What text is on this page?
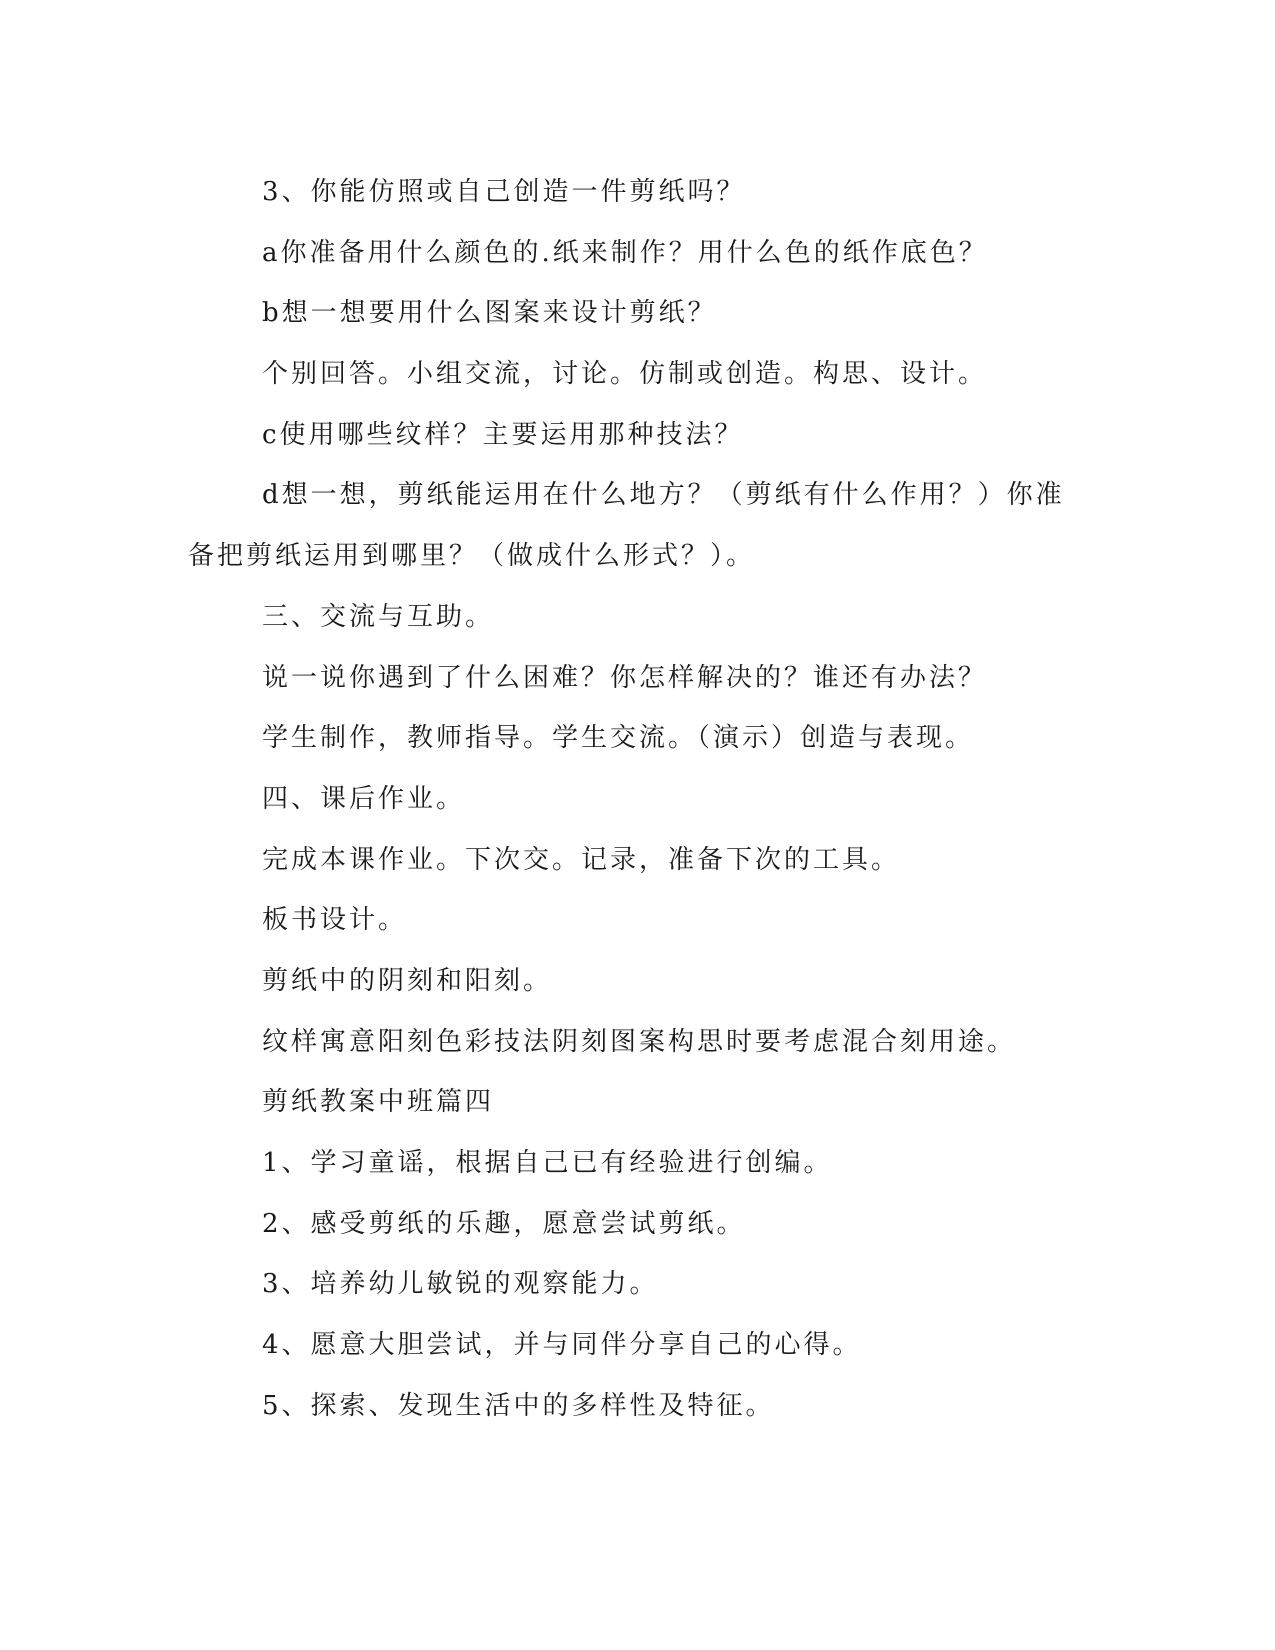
3、你能仿照或自己创造一件剪纸吗？

a你准备用什么颜色的.纸来制作？用什么色的纸作底色？

b想一想要用什么图案来设计剪纸？

个别回答。小组交流，讨论。仿制或创造。构思、设计。

c使用哪些纹样？主要运用那种技法？

d想一想，剪纸能运用在什么地方？（剪纸有什么作用？）你准备把剪纸运用到哪里？（做成什么形式？）。

三、交流与互助。

说一说你遇到了什么困难？你怎样解决的？谁还有办法？

学生制作，教师指导。学生交流。（演示）创造与表现。

四、课后作业。

完成本课作业。下次交。记录，准备下次的工具。

板书设计。

剪纸中的阴刻和阳刻。

纹样寓意阳刻色彩技法阴刻图案构思时要考虑混合刻用途。

剪纸教案中班篇四

1、学习童谣，根据自己已有经验进行创编。

2、感受剪纸的乐趣，愿意尝试剪纸。

3、培养幼儿敏锐的观察能力。

4、愿意大胆尝试，并与同伴分享自己的心得。

5、探索、发现生活中的多样性及特征。
